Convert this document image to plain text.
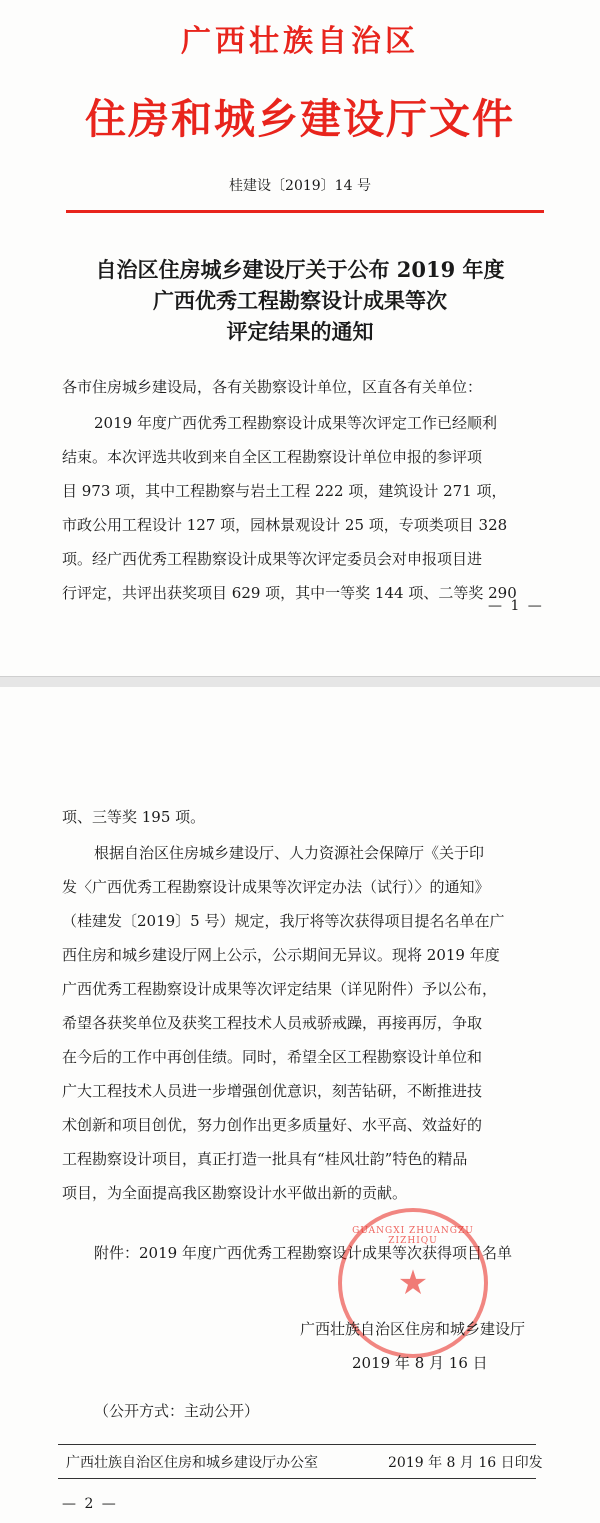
广西壮族自治区
住房和城乡建设厅文件
桂建设〔2019〕14 号
自治区住房城乡建设厅关于公布 2019 年度
广西优秀工程勘察设计成果等次
评定结果的通知
各市住房城乡建设局，各有关勘察设计单位，区直各有关单位：
2019 年度广西优秀工程勘察设计成果等次评定工作已经顺利
结束。本次评选共收到来自全区工程勘察设计单位申报的参评项
目 973 项，其中工程勘察与岩土工程 222 项，建筑设计 271 项，
市政公用工程设计 127 项，园林景观设计 25 项，专项类项目 328
项。经广西优秀工程勘察设计成果等次评定委员会对申报项目进
行评定，共评出获奖项目 629 项，其中一等奖 144 项、二等奖 290
— 1 —
项、三等奖 195 项。
根据自治区住房城乡建设厅、人力资源社会保障厅《关于印
发〈广西优秀工程勘察设计成果等次评定办法（试行）〉的通知》
（桂建发〔2019〕5 号）规定，我厅将等次获得项目提名名单在广
西住房和城乡建设厅网上公示，公示期间无异议。现将 2019 年度
广西优秀工程勘察设计成果等次评定结果（详见附件）予以公布，
希望各获奖单位及获奖工程技术人员戒骄戒躁，再接再厉，争取
在今后的工作中再创佳绩。同时，希望全区工程勘察设计单位和
广大工程技术人员进一步增强创优意识，刻苦钻研，不断推进技
术创新和项目创优，努力创作出更多质量好、水平高、效益好的
工程勘察设计项目，真正打造一批具有“桂风壮韵”特色的精品
项目，为全面提高我区勘察设计水平做出新的贡献。
附件：2019 年度广西优秀工程勘察设计成果等次获得项目名单
GUANGXI ZHUANGZU ZIZHIQU
★
广西壮族自治区住房和城乡建设厅
2019 年 8 月 16 日
（公开方式：主动公开）
广西壮族自治区住房和城乡建设厅办公室	2019 年 8 月 16 日印发
— 2 —
